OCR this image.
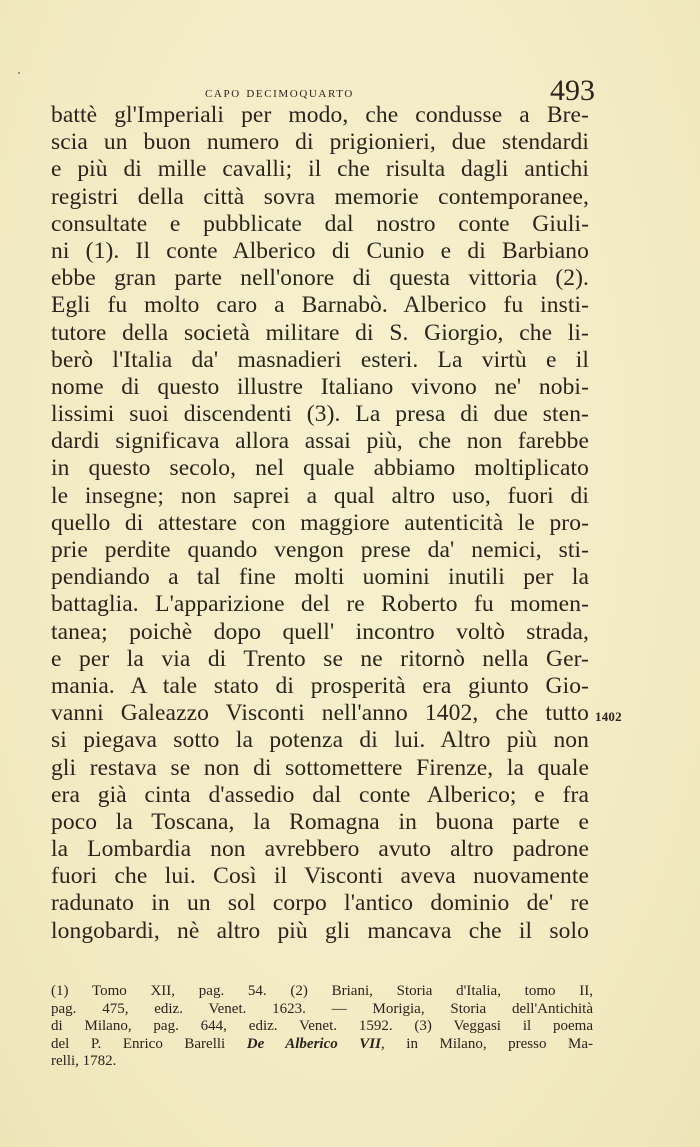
capo decimoquarto	493
battè gl'Imperiali per modo, che condusse a Bre-
scia un buon numero di prigionieri, due stendardi
e più di mille cavalli; il che risulta dagli antichi
registri della città sovra memorie contemporanee,
consultate e pubblicate dal nostro conte Giuli-
ni (1). Il conte Alberico di Cunio e di Barbiano
ebbe gran parte nell'onore di questa vittoria (2).
Egli fu molto caro a Barnabò. Alberico fu insti-
tutore della società militare di S. Giorgio, che li-
berò l'Italia da' masnadieri esteri. La virtù e il
nome di questo illustre Italiano vivono ne' nobi-
lissimi suoi discendenti (3). La presa di due sten-
dardi significava allora assai più, che non farebbe
in questo secolo, nel quale abbiamo moltiplicato
le insegne; non saprei a qual altro uso, fuori di
quello di attestare con maggiore autenticità le pro-
prie perdite quando vengon prese da' nemici, sti-
pendiando a tal fine molti uomini inutili per la
battaglia. L'apparizione del re Roberto fu momen-
tanea; poichè dopo quell' incontro voltò strada,
e per la via di Trento se ne ritornò nella Ger-
mania. A tale stato di prosperità era giunto Gio-
vanni Galeazzo Visconti nell'anno 1402, che tutto
si piegava sotto la potenza di lui. Altro più non
gli restava se non di sottomettere Firenze, la quale
era già cinta d'assedio dal conte Alberico; e fra
poco la Toscana, la Romagna in buona parte e
la Lombardia non avrebbero avuto altro padrone
fuori che lui. Così il Visconti aveva nuovamente
radunato in un sol corpo l'antico dominio de' re
longobardi, nè altro più gli mancava che il solo
1402
(1) Tomo XII, pag. 54. (2) Briani, Storia d'Italia, tomo II,
pag. 475, ediz. Venet. 1623. — Morigia, Storia dell'Antichità
di Milano, pag. 644, ediz. Venet. 1592. (3) Veggasi il poema
del P. Enrico Barelli De Alberico VII, in Milano, presso Ma-
relli, 1782.
